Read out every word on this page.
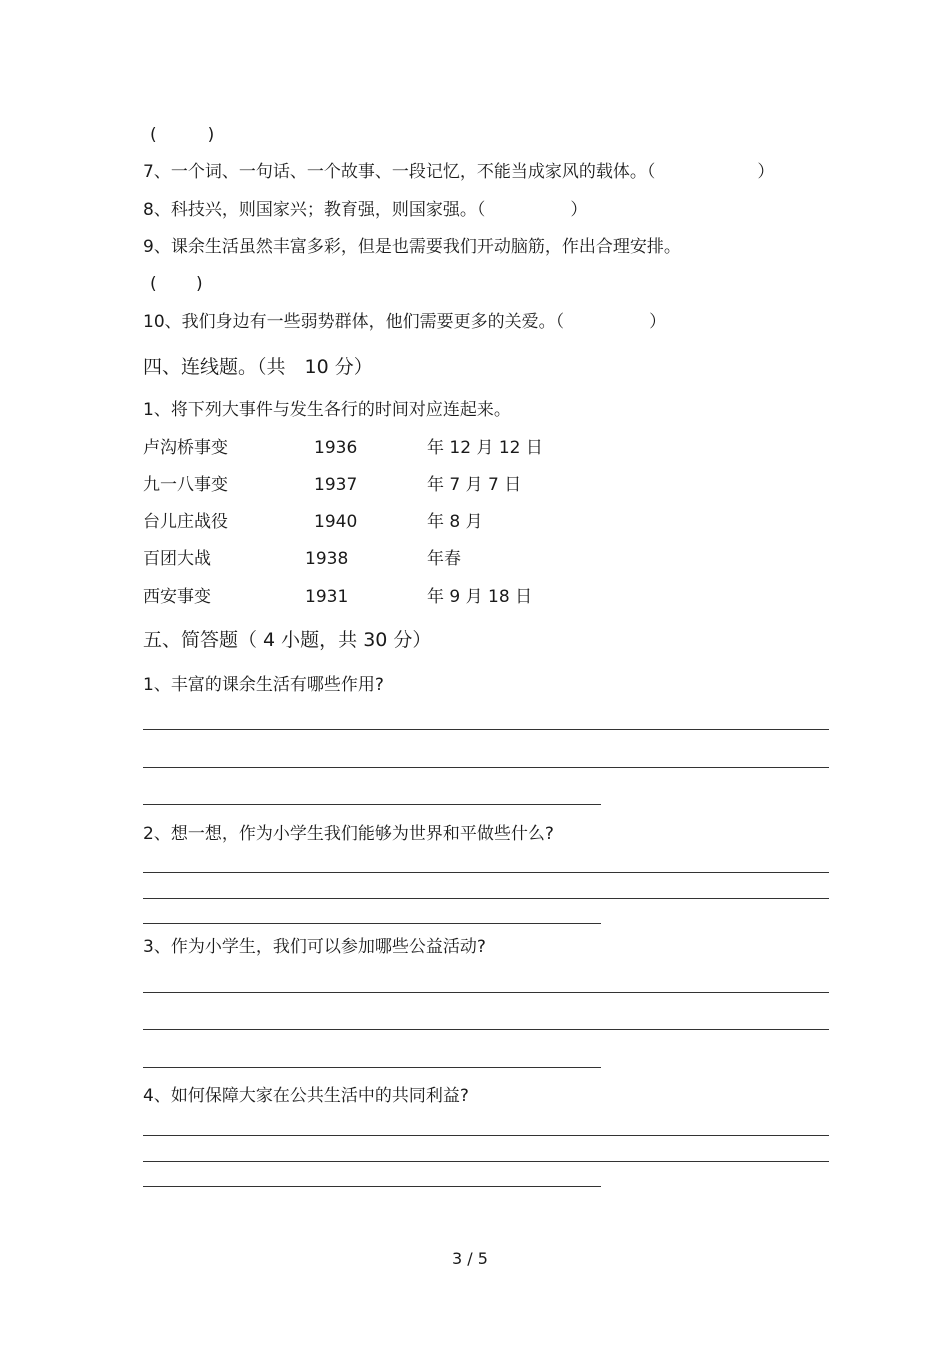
(　　　)
7、一个词、一句话、一个故事、一段记忆，不能当成家风的载体。（　　　　　　）
8、科技兴，则国家兴；教育强，则国家强。（　　　　　）
9、课余生活虽然丰富多彩，但是也需要我们开动脑筋，作出合理安排。
(　　 )
10、我们身边有一些弱势群体，他们需要更多的关爱。（　　　　　）
四、连线题。（共　10 分）
1、将下列大事件与发生各行的时间对应连起来。
卢沟桥事变	1936	年 12 月 12 日
九一八事变	1937	年 7 月 7 日
台儿庄战役	1940	年 8 月
百团大战	1938	年春
西安事变	1931	年 9 月 18 日
五、简答题（ 4 小题，共 30 分）
1、丰富的课余生活有哪些作用?
2、想一想，作为小学生我们能够为世界和平做些什么?
3、作为小学生，我们可以参加哪些公益活动?
4、如何保障大家在公共生活中的共同利益?
3 / 5
